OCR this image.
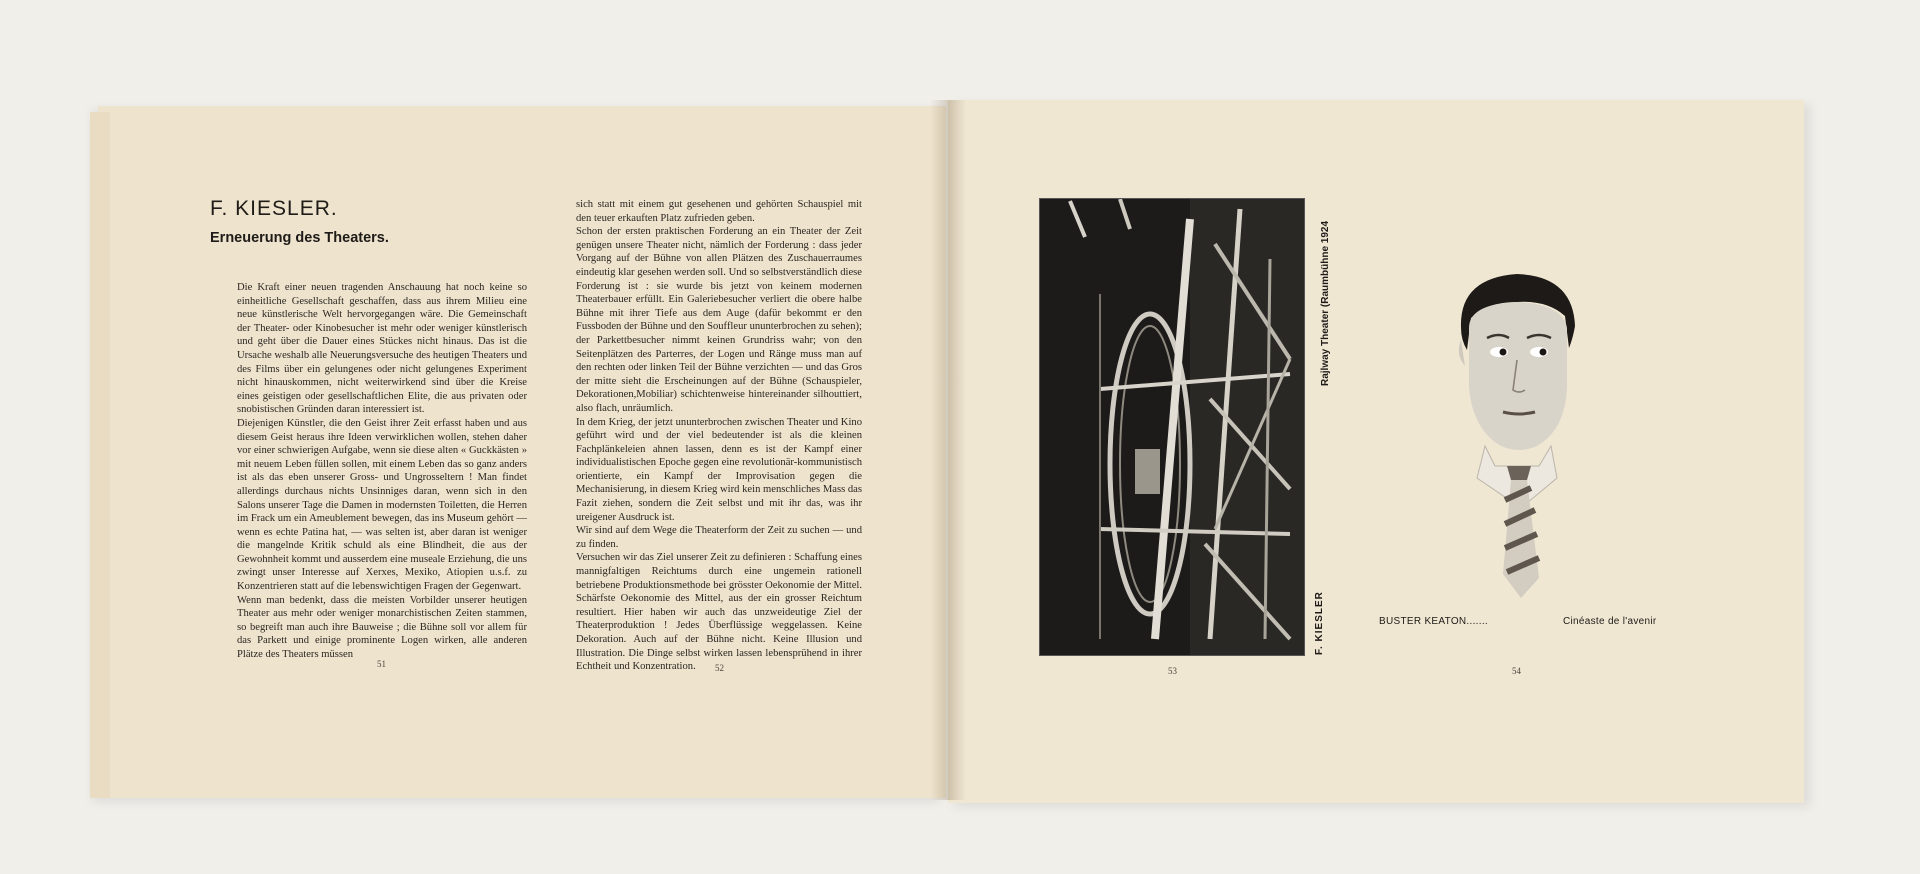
F. KIESLER.
Erneuerung des Theaters.

Die Kraft einer neuen tragenden Anschauung hat noch keine so einheitliche Gesellschaft geschaffen, dass aus ihrem Milieu eine neue künstlerische Welt hervorgegangen wäre. Die Gemeinschaft der Theater- oder Kinobesucher ist mehr oder weniger künstlerisch und geht über die Dauer eines Stückes nicht hinaus. Das ist die Ursache weshalb alle Neuerungsversuche des heutigen Theaters und des Films über ein gelungenes oder nicht gelungenes Experiment nicht hinauskommen, nicht weiterwirkend sind über die Kreise eines geistigen oder gesellschaftlichen Elite, die aus privaten oder snobistischen Gründen daran interessiert ist.

Diejenigen Künstler, die den Geist ihrer Zeit erfasst haben und aus diesem Geist heraus ihre Ideen verwirklichen wollen, stehen daher vor einer schwierigen Aufgabe, wenn sie diese alten « Guckkästen » mit neuem Leben füllen sollen, mit einem Leben das so ganz anders ist als das eben unserer Gross- und Ungrosseltern ! Man findet allerdings durchaus nichts Unsinniges daran, wenn sich in den Salons unserer Tage die Damen in modernsten Toiletten, die Herren im Frack um ein Ameublement bewegen, das ins Museum gehört — wenn es echte Patina hat, — was selten ist, aber daran ist weniger die mangelnde Kritik schuld als eine Blindheit, die aus der Gewohnheit kommt und ausserdem eine museale Erziehung, die uns zwingt unser Interesse auf Xerxes, Mexiko, Atiopien u.s.f. zu Konzentrieren statt auf die lebenswichtigen Fragen der Gegenwart.

Wenn man bedenkt, dass die meisten Vorbilder unserer heutigen Theater aus mehr oder weniger monarchistischen Zeiten stammen, so begreift man auch ihre Bauweise ; die Bühne soll vor allem für das Parkett und einige prominente Logen wirken, alle anderen Plätze des Theaters müssen

51

sich statt mit einem gut gesehenen und gehörten Schauspiel mit den teuer erkauften Platz zufrieden geben.

Schon der ersten praktischen Forderung an ein Theater der Zeit genügen unsere Theater nicht, nämlich der Forderung : dass jeder Vorgang auf der Bühne von allen Plätzen des Zuschauerraumes eindeutig klar gesehen werden soll. Und so selbstverständlich diese Forderung ist : sie wurde bis jetzt von keinem modernen Theaterbauer erfüllt. Ein Galeriebesucher verliert die obere halbe Bühne mit ihrer Tiefe aus dem Auge (dafür bekommt er den Fussboden der Bühne und den Souffleur ununterbrochen zu sehen); der Parkettbesucher nimmt keinen Grundriss wahr; von den Seitenplätzen des Parterres, der Logen und Ränge muss man auf den rechten oder linken Teil der Bühne verzichten — und das Gros der mitte sieht die Erscheinungen auf der Bühne (Schauspieler, Dekorationen,Mobiliar) schichtenweise hintereinander silhouttiert, also flach, unräumlich.

In dem Krieg, der jetzt ununterbrochen zwischen Theater und Kino geführt wird und der viel bedeutender ist als die kleinen Fachplänkeleien ahnen lassen, denn es ist der Kampf einer individualistischen Epoche gegen eine revolutionär-kommunistisch orientierte, ein Kampf der Improvisation gegen die Mechanisierung, in diesem Krieg wird kein menschliches Mass das Fazit ziehen, sondern die Zeit selbst und mit ihr das, was ihr ureigener Ausdruck ist.

Wir sind auf dem Wege die Theaterform der Zeit zu suchen — und zu finden.

Versuchen wir das Ziel unserer Zeit zu definieren : Schaffung eines mannigfaltigen Reichtums durch eine ungemein rationell betriebene Produktionsmethode bei grösster Oekonomie der Mittel. Schärfste Oekonomie des Mittel, aus der ein grosser Reichtum resultiert. Hier haben wir auch das unzweideutige Ziel der Theaterproduktion ! Jedes Überflüssige weggelassen. Keine Dekoration. Auch auf der Bühne nicht. Keine Illusion und Illustration. Die Dinge selbst wirken lassen lebensprühend in ihrer Echtheit und Konzentration.	52
Rajlway Theater (Raumbühne 1924
F. KIESLER
53
BUSTER KEATON.......	Cinéaste de l'avenir
54
